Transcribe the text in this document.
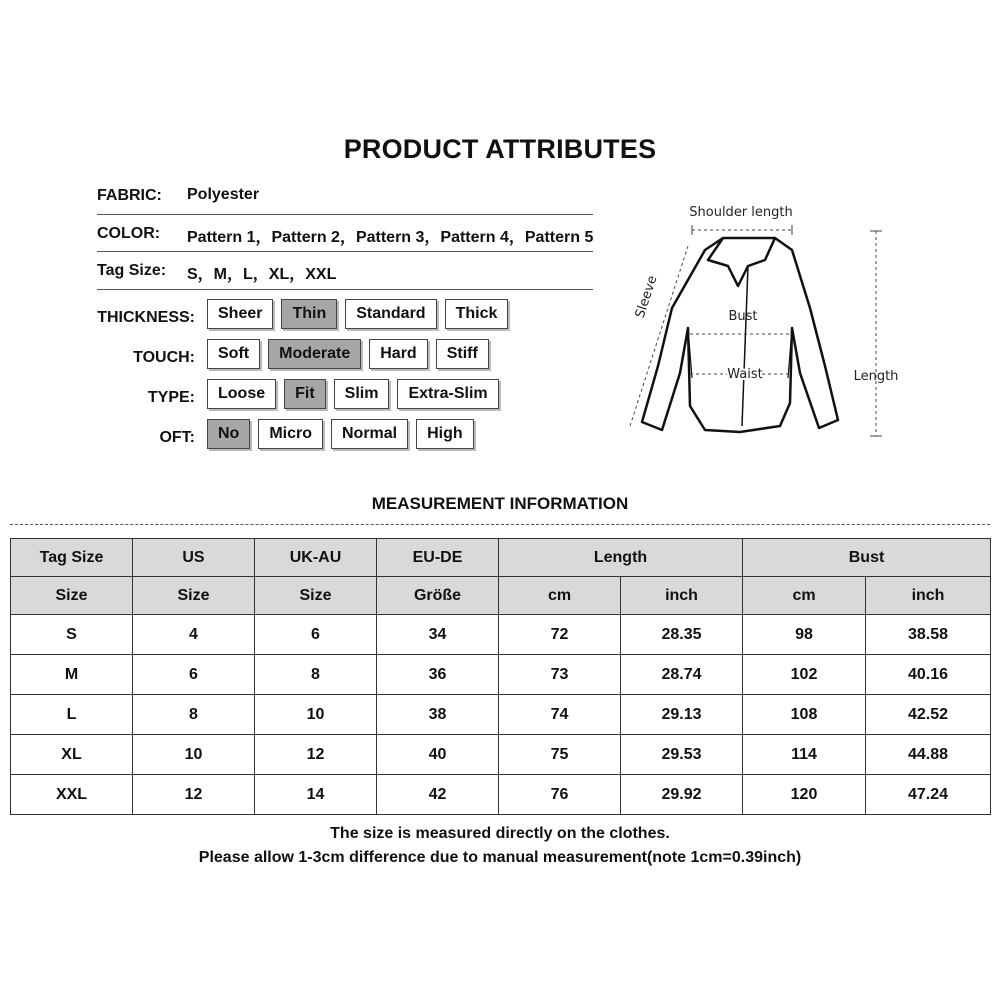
PRODUCT ATTRIBUTES
FABRIC: Polyester
COLOR: Pattern 1，Pattern 2，Pattern 3，Pattern 4，Pattern 5
Tag Size: S，M，L，XL，XXL
THICKNESS:	Sheer	Thin	Standard	Thick
TOUCH:	Soft	Moderate	Hard	Stiff
TYPE:	Loose	Fit	Slim	Extra-Slim
OFT:	No	Micro	Normal	High
Shoulder length
Sleeve	Bust
Waist	Length
MEASUREMENT INFORMATION
Tag Size	US	UK-AU	EU-DE	Length		Bust	
Size	Size	Size	Größe	cm	inch	cm	inch
S	4	6	34	72	28.35	98	38.58
M	6	8	36	73	28.74	102	40.16
L	8	10	38	74	29.13	108	42.52
XL	10	12	40	75	29.53	114	44.88
XXL	12	14	42	76	29.92	120	47.24
The size is measured directly on the clothes.
Please allow 1-3cm difference due to manual measurement(note 1cm=0.39inch)
